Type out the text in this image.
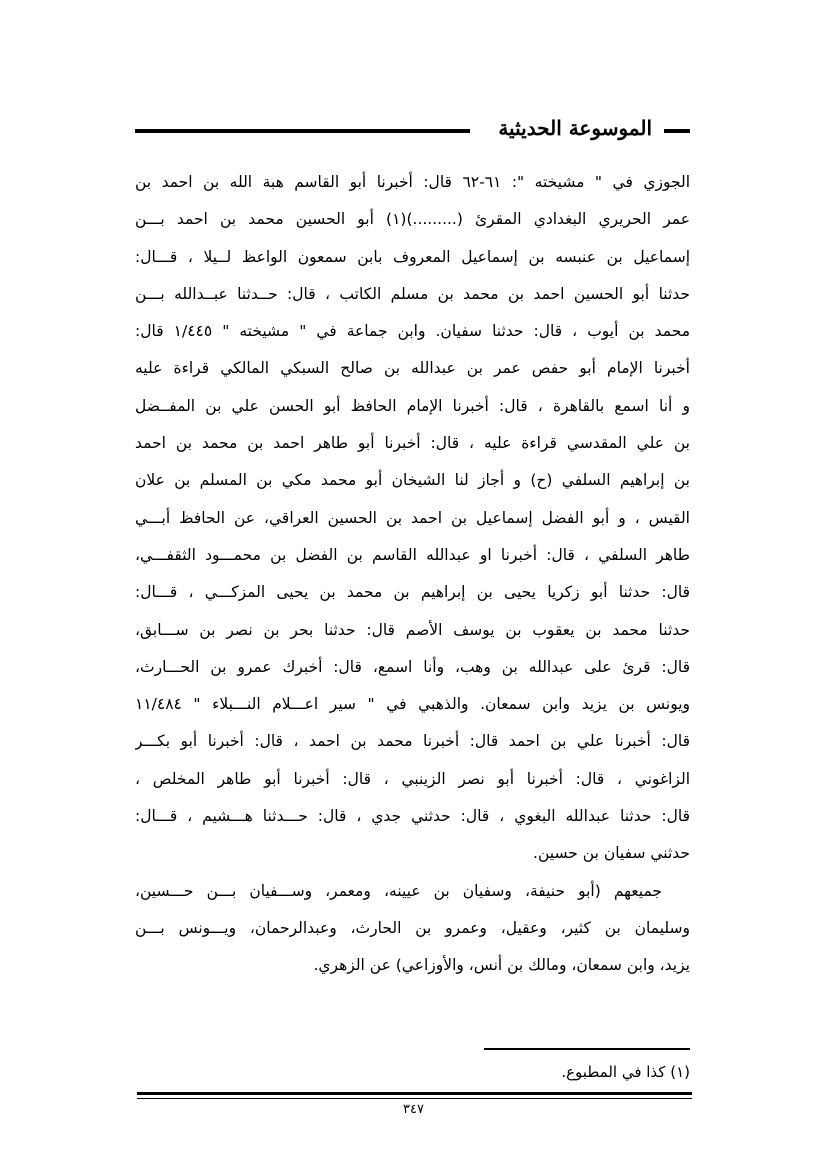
الموسوعة الحديثية
الجوزي في " مشيخته ": ٦١-٦٢ قال: أخبرنا أبو القاسم هبة الله بن احمد بن
عمر الحريري البغدادي المقرئ (.........)(١) أبو الحسين محمد بن احمد بـــن
إسماعيل بن عنبسه بن إسماعيل المعروف بابن سمعون الواعظ لــيلا ، قـــال:
حدثنا أبو الحسين احمد بن محمد بن مسلم الكاتب ، قال: حــدثنا عبــدالله بـــن
محمد بن أيوب ، قال: حدثنا سفيان. وابن جماعة في " مشيخته " ١/٤٤٥ قال:
أخبرنا الإمام أبو حفص عمر بن عبدالله بن صالح السبكي المالكي قراءة عليه
و أنا اسمع بالقاهرة ، قال: أخبرنا الإمام الحافظ أبو الحسن علي بن المفــضل
بن علي المقدسي قراءة عليه ، قال: أخبرنا أبو طاهر احمد بن محمد بن احمد
بن إبراهيم السلفي (ح) و أجاز لنا الشيخان أبو محمد مكي بن المسلم بن علان
القيس ، و أبو الفضل إسماعيل بن احمد بن الحسين العراقي، عن الحافظ أبـــي
طاهر السلفي ، قال: أخبرنا او عبدالله القاسم بن الفضل بن محمـــود الثقفـــي،
قال: حدثنا أبو زكريا يحيى بن إبراهيم بن محمد بن يحيى المزكـــي ، قـــال:
حدثنا محمد بن يعقوب بن يوسف الأصم قال: حدثنا بحر بن نصر بن ســـابق،
قال: قرئ على عبدالله بن وهب، وأنا اسمع، قال: أخبرك عمرو بن الحـــارث،
ويونس بن يزيد وابن سمعان. والذهبي في " سير اعـــلام النـــبلاء " ١١/٤٨٤
قال: أخبرنا علي بن احمد قال: أخبرنا محمد بن احمد ، قال: أخبرنا أبو بكـــر
الزاغوني ، قال: أخبرنا أبو نصر الزينبي ، قال: أخبرنا أبو طاهر المخلص ،
قال: حدثنا عبدالله البغوي ، قال: حدثني جدي ، قال: حـــدثنا هـــشيم ، قـــال:
حدثني سفيان بن حسين.
جميعهم (أبو حنيفة، وسفيان بن عيينه، ومعمر، وســـفيان بـــن حـــسين،
وسليمان بن كثير، وعقيل، وعمرو بن الحارث، وعبدالرحمان، ويـــونس بـــن
يزيد، وابن سمعان، ومالك بن أنس، والأوزاعي) عن الزهري.
(١) كذا في المطبوع.
٣٤٧
